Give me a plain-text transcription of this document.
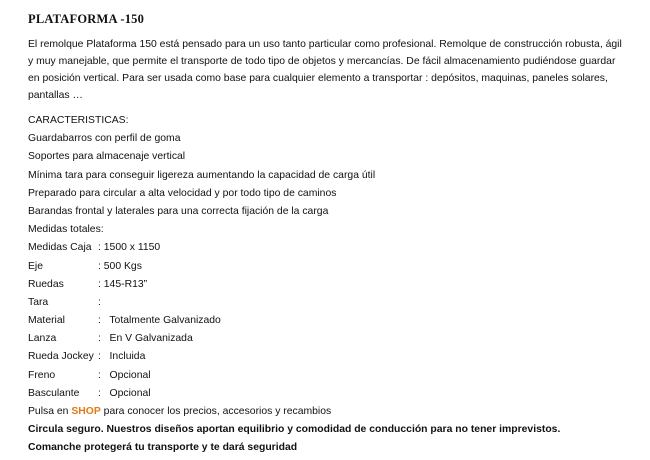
PLATAFORMA -150
El remolque Plataforma 150 está pensado para un uso tanto particular como profesional. Remolque de construcción robusta, ágil y muy manejable, que permite el transporte de todo tipo de objetos y mercancías. De fácil almacenamiento pudiéndose guardar en posición vertical. Para ser usada como base para cualquier elemento a transportar : depósitos, maquinas, paneles solares, pantallas …
CARACTERISTICAS:
Guardabarros con perfil de goma
Soportes para almacenaje vertical
Mínima tara para conseguir ligereza aumentando la capacidad de carga útil
Preparado para circular a alta velocidad y por todo tipo de caminos
Barandas frontal y laterales para una correcta fijación de la carga
Medidas totales:
Medidas Caja : 1500 x 1150
Eje	: 500 Kgs
Ruedas	: 145-R13”
Tara	:
Material	:   Totalmente Galvanizado
Lanza	:   En V Galvanizada
Rueda Jockey :   Incluida
Freno	:   Opcional
Basculante :   Opcional
Pulsa en SHOP para conocer los precios, accesorios y recambios
Circula seguro. Nuestros diseños aportan equilibrio y comodidad de conducción para no tener imprevistos.
Comanche protegerá tu transporte y te dará seguridad
